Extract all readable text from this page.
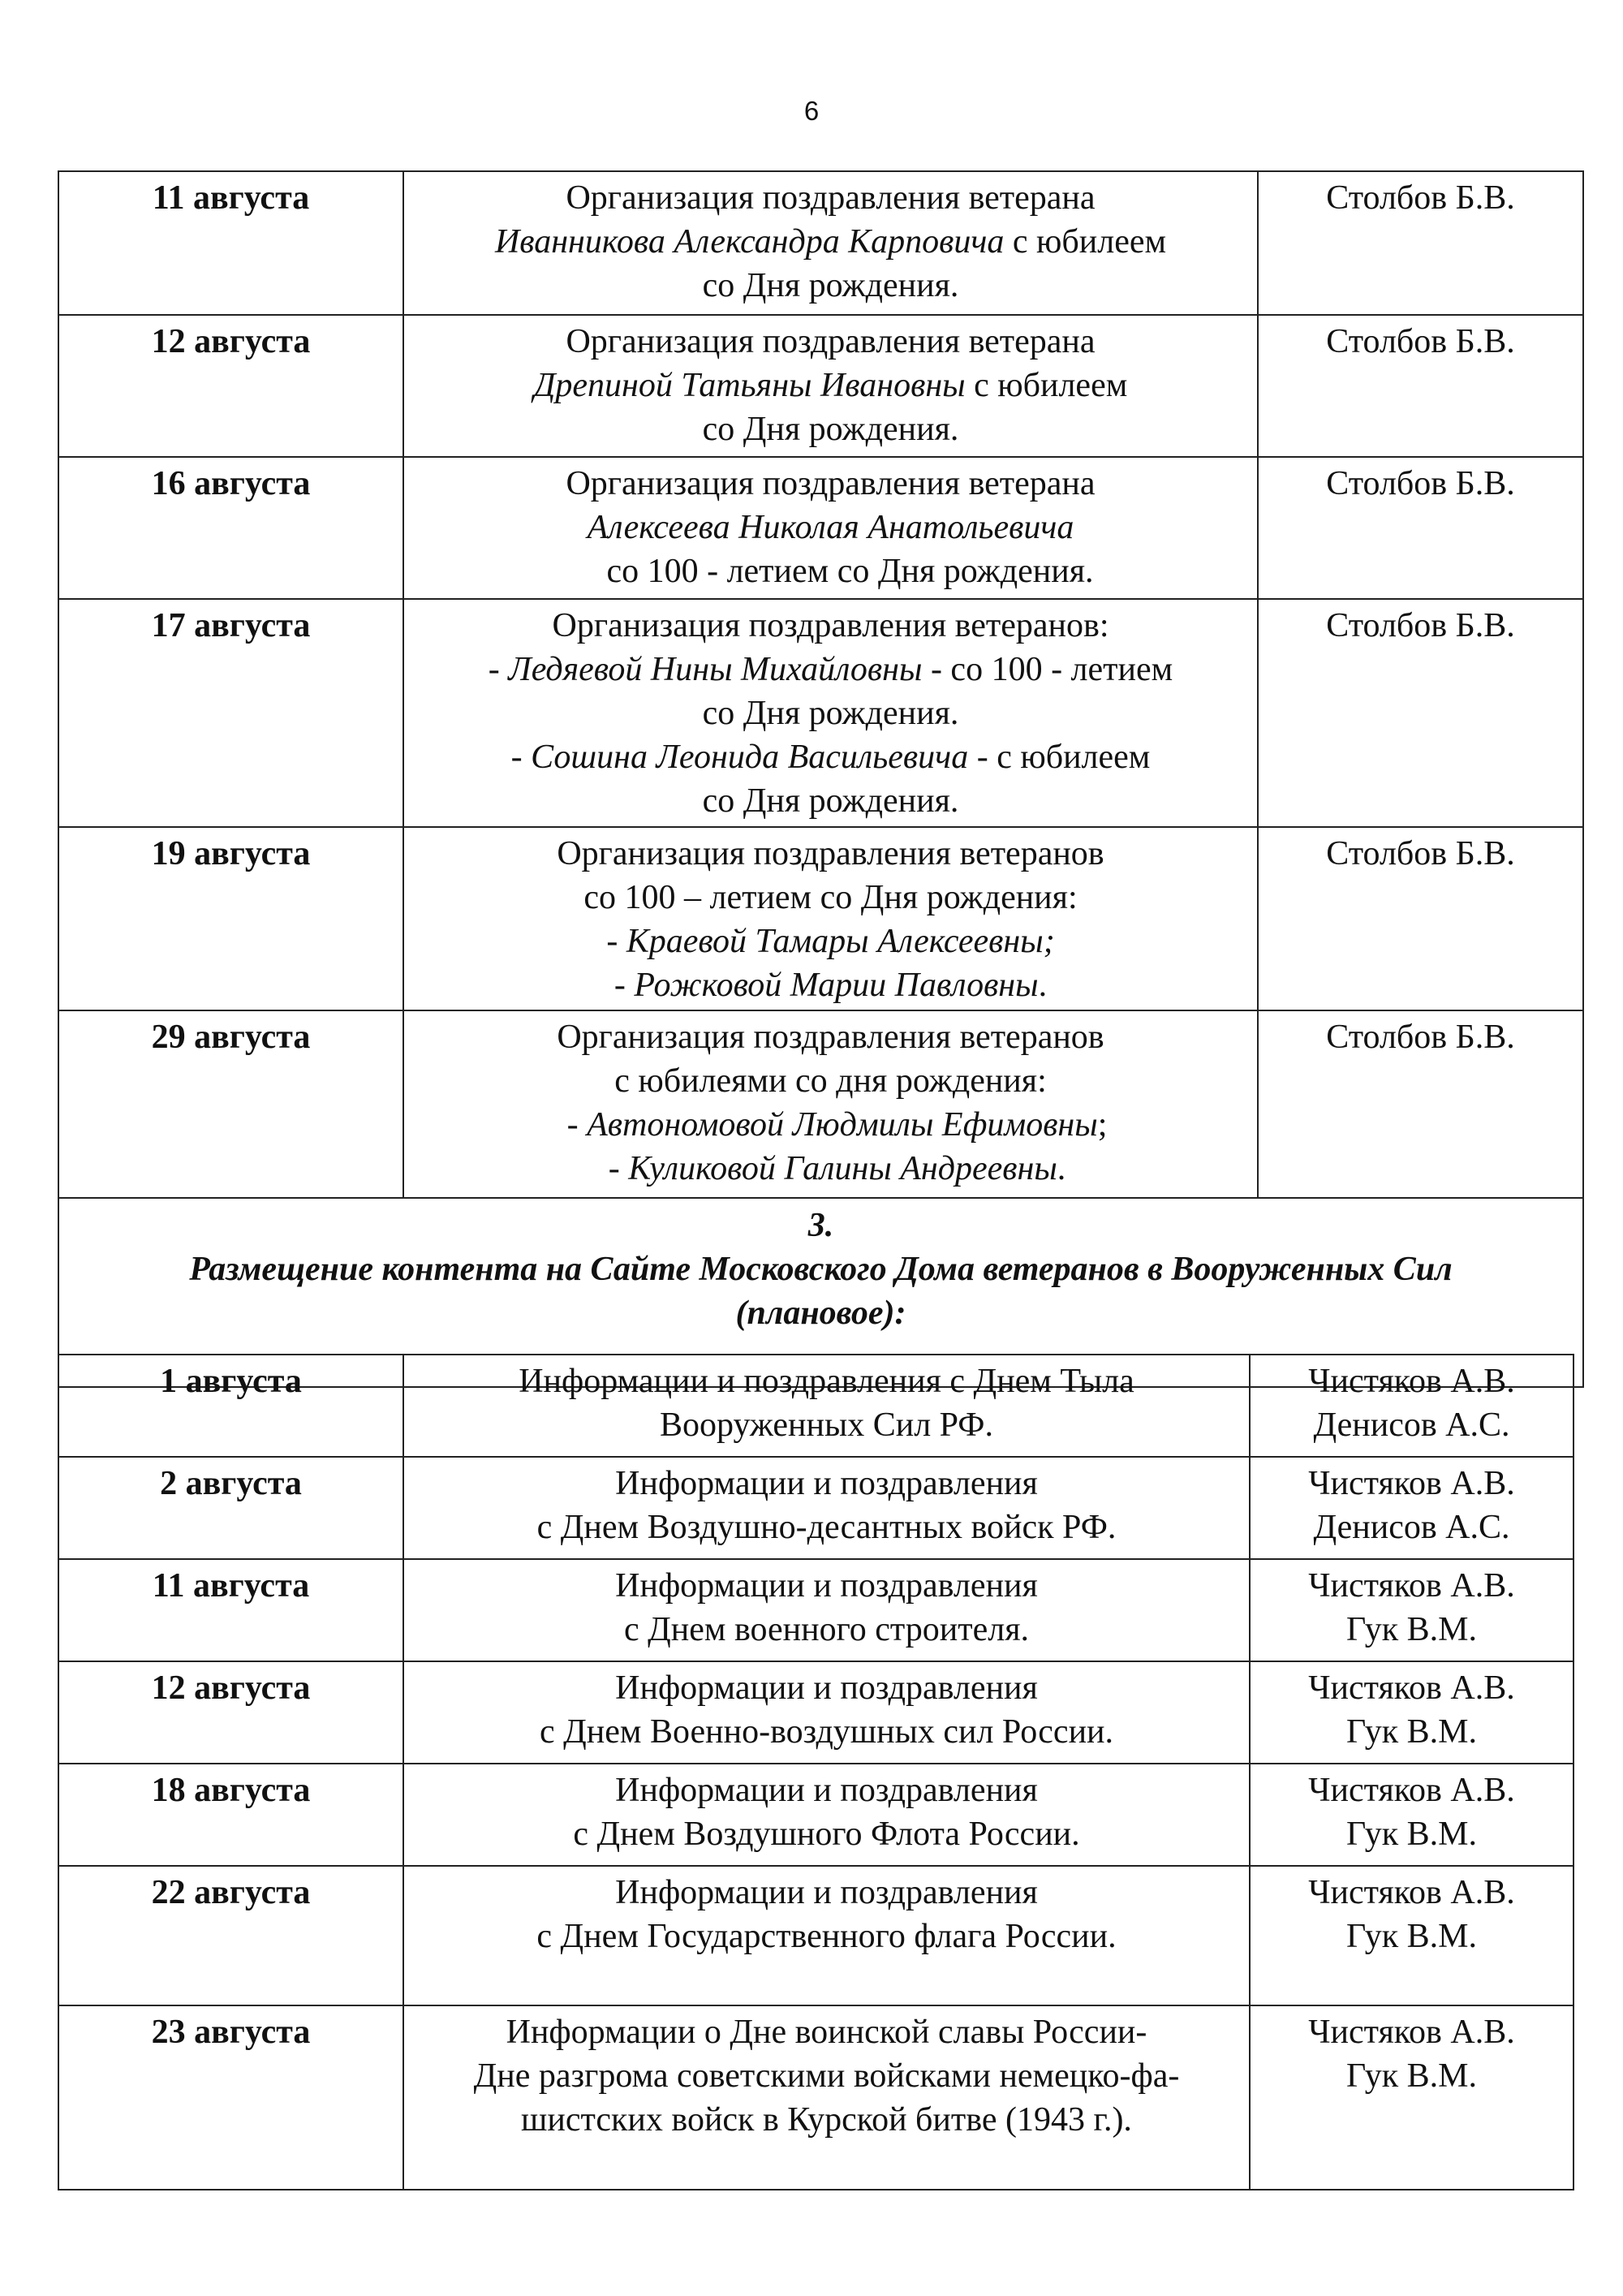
6
11 августа	Организация поздравления ветерана
Иванникова Александра Карповича с юбилеем
со Дня рождения.	Столбов Б.В.

12 августа	Организация поздравления ветерана
Дрепиной Татьяны Ивановны с юбилеем
со Дня рождения.	Столбов Б.В.

16 августа	Организация поздравления ветерана
Алексеева Николая Анатольевича
со 100 - летием со Дня рождения.	Столбов Б.В.

17 августа	Организация поздравления ветеранов:
- Ледяевой Нины Михайловны - со 100 - летием
со Дня рождения.
- Сошина Леонида Васильевича - с юбилеем
со Дня рождения.	Столбов Б.В.

19 августа	Организация поздравления ветеранов
со 100 – летием со Дня рождения:
- Краевой Тамары Алексеевны;
- Рожковой Марии Павловны.	Столбов Б.В.

29 августа	Организация поздравления ветеранов
с юбилеями со дня рождения:
- Автономовой Людмилы Ефимовны;
- Куликовой Галины Андреевны.	Столбов Б.В.

3.
Размещение контента на Сайте Московского Дома ветеранов в Вооруженных Сил
(плановое):		
1 августа	Информации и поздравления с Днем Тыла
Вооруженных Сил РФ.	Чистяков А.В.
Денисов А.С.

2 августа	Информации и поздравления
с Днем Воздушно-десантных войск РФ.	Чистяков А.В.
Денисов А.С.

11 августа	Информации и поздравления
с Днем военного строителя.	Чистяков А.В.
Гук В.М.

12 августа	Информации и поздравления
с Днем Военно-воздушных сил России.	Чистяков А.В.
Гук В.М.

18 августа	Информации и поздравления
с Днем Воздушного Флота России.	Чистяков А.В.
Гук В.М.

22 августа	Информации и поздравления
с Днем Государственного флага России.	Чистяков А.В.
Гук В.М.

23 августа	Информации о Дне воинской славы России-
Дне разгрома советскими войсками немецко-фа-
шистских войск в Курской битве (1943 г.).	Чистяков А.В.
Гук В.М.
